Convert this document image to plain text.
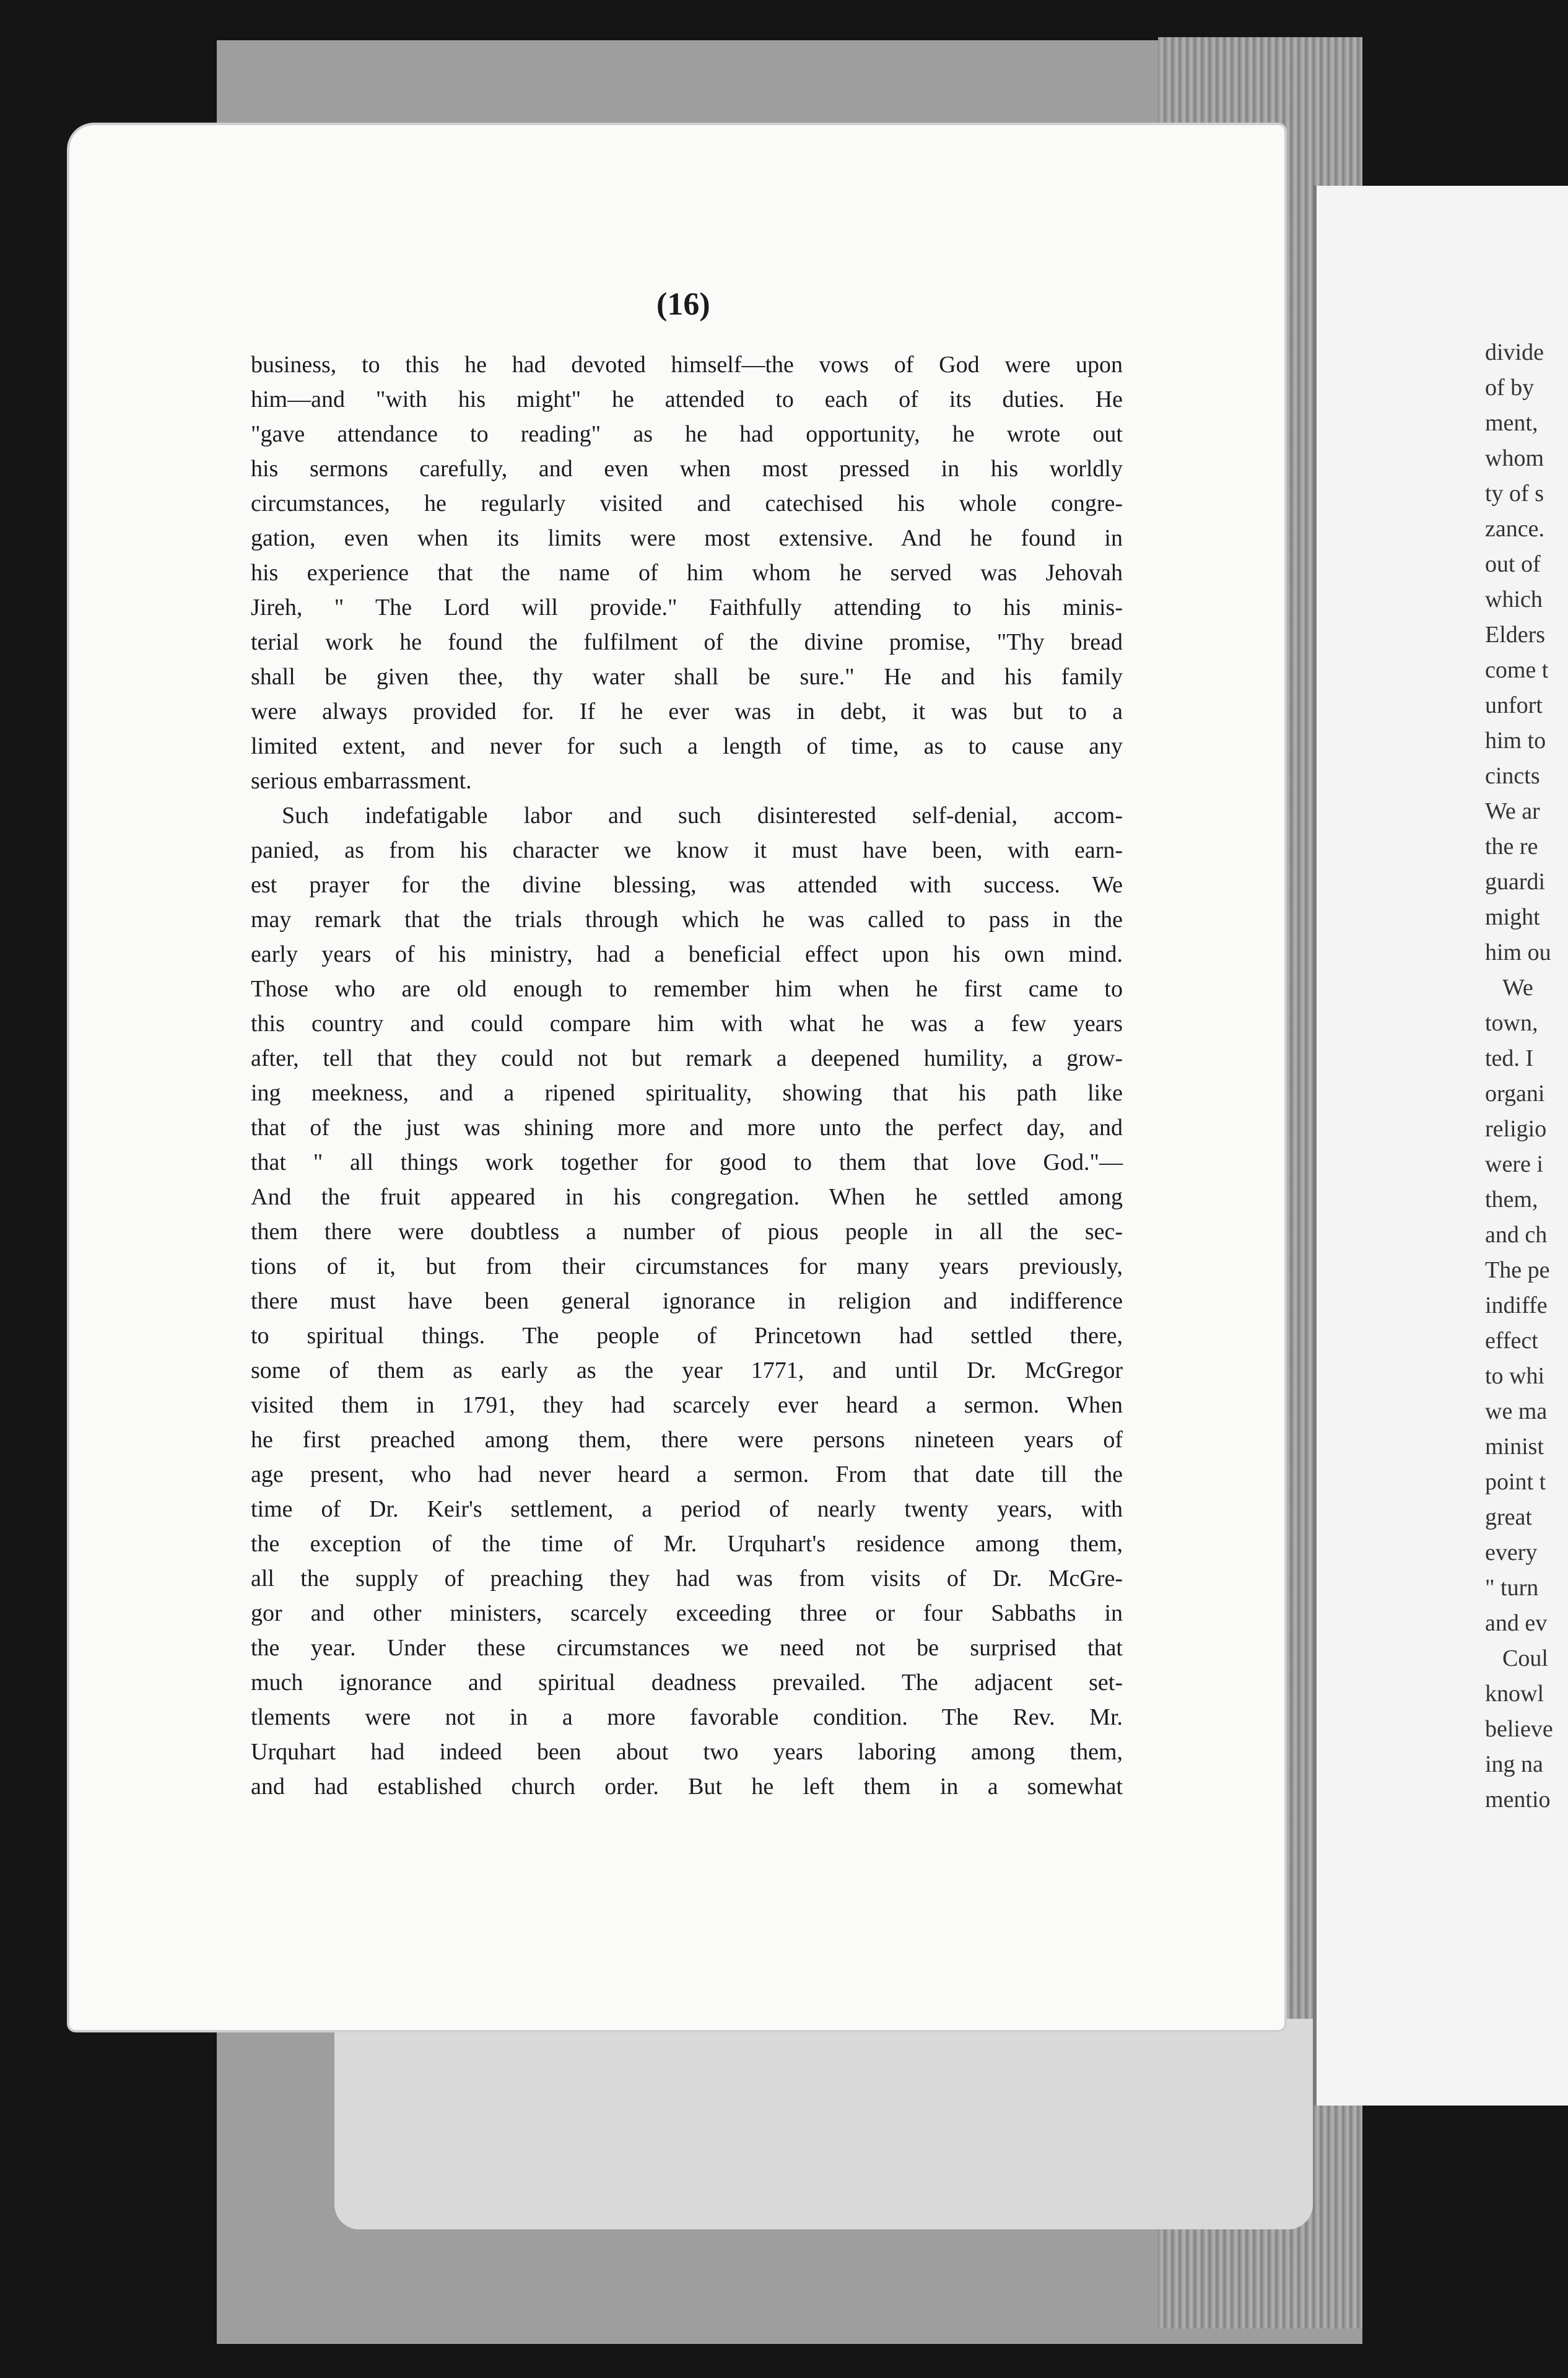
divide

of by

ment,

whom

ty of s

zance.

out of

which

Elders

come t

unfort

him to

cincts

We ar

the re

guardi

might

him ou

We

town,

ted. I

organi

religio

were i

them,

and ch

The pe

indiffe

effect

to whi

we ma

minist

point t

great

every

" turn

and ev

Coul

knowl

believe

ing na

mentio

(16)

business, to this he had devoted himself—the vows of God were upon

him—and "with his might" he attended to each of its duties. He

"gave attendance to reading" as he had opportunity, he wrote out

his sermons carefully, and even when most pressed in his worldly

circumstances, he regularly visited and catechised his whole congre-

gation, even when its limits were most extensive. And he found in

his experience that the name of him whom he served was Jehovah

Jireh, " The Lord will provide." Faithfully attending to his minis-

terial work he found the fulfilment of the divine promise, "Thy bread

shall be given thee, thy water shall be sure." He and his family

were always provided for. If he ever was in debt, it was but to a

limited extent, and never for such a length of time, as to cause any

serious embarrassment.

Such indefatigable labor and such disinterested self-denial, accom-

panied, as from his character we know it must have been, with earn-

est prayer for the divine blessing, was attended with success. We

may remark that the trials through which he was called to pass in the

early years of his ministry, had a beneficial effect upon his own mind.

Those who are old enough to remember him when he first came to

this country and could compare him with what he was a few years

after, tell that they could not but remark a deepened humility, a grow-

ing meekness, and a ripened spirituality, showing that his path like

that of the just was shining more and more unto the perfect day, and

that " all things work together for good to them that love God."—

And the fruit appeared in his congregation. When he settled among

them there were doubtless a number of pious people in all the sec-

tions of it, but from their circumstances for many years previously,

there must have been general ignorance in religion and indifference

to spiritual things. The people of Princetown had settled there,

some of them as early as the year 1771, and until Dr. McGregor

visited them in 1791, they had scarcely ever heard a sermon. When

he first preached among them, there were persons nineteen years of

age present, who had never heard a sermon. From that date till the

time of Dr. Keir's settlement, a period of nearly twenty years, with

the exception of the time of Mr. Urquhart's residence among them,

all the supply of preaching they had was from visits of Dr. McGre-

gor and other ministers, scarcely exceeding three or four Sabbaths in

the year. Under these circumstances we need not be surprised that

much ignorance and spiritual deadness prevailed. The adjacent set-

tlements were not in a more favorable condition. The Rev. Mr.

Urquhart had indeed been about two years laboring among them,

and had established church order. But he left them in a somewhat
